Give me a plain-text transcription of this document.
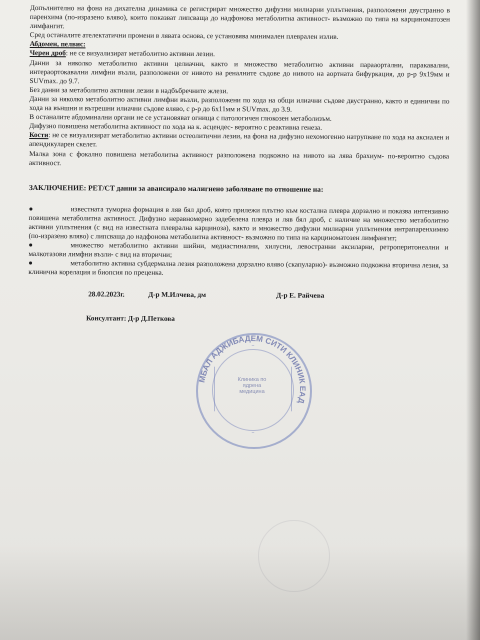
Допълнително на фона на дихателна динамика се регистрират множество дифузни милиарни уплътнения, разположени двустранно в паренхима (по-изразено вляво), които показват липсваща до надфонова метаболитна активност- възможно по типа на карциноматозен лимфангит.

Сред останалите ателектатични промени в лявата основа, се установява минимален плеврален излив.

Абдомен, пелвис:

Черен дроб: не се визуализират метаболитно активни лезии.

Данни за няколко метаболитно активни целиачни, както и множество метаболитно активни парааортални, паракавални, интераортокавални лимфни възли, разположени от нивото на реналните съдове до нивото на аортната бифуркация, до р-р 9x19мм и SUVmax. до 9.7.

Без данни за метаболитно активни лезии в надбъбречните жлези.

Данни за няколко метаболитно активни лимфни възли, разположени по хода на общи илиачни съдове двустранно, както и единични по хода на външни и вътрешни илиачни съдове вляво, с р-р до 6x11мм и SUVmax. до 3.9.

В останалите абдоминални органи не се установяват огнища с патологичен глюкозен метаболизъм.

Дифузно повишена метаболитна активност по хода на к. асцендес- вероятно с реактивна генеза.

Кости: не се визуализират метаболитно активни остеолитични лезии, на фона на дифузно нехомогенно натрупване по хода на аксиален и апендикуларен скелет.

Малка зона с фокално повишена метаболитна активност разположена подкожно на нивото на лява брахиум- по-вероятно съдова активност.

ЗАКЛЮЧЕНИЕ: PET/CT данни за авансирало малигнено заболяване по отношение на:

●	известната туморна формация в ляв бял дроб, която прилежи плътно към костална плевра дорзално и показва интензивно повишена метаболитна активност. Дифузно неравномерно задебелена плевра и ляв бял дроб, с наличие на множество метаболитно активни уплътнения (с вид на известната плеврална карциноза), както и множество дифузни милиарни уплътнения интрапаренхимно (по-изразено вляво) с липсваща до надфонова метаболитна активност- възможно по типа на карциноматозен лимфангит;

●	множество метаболитно активни шийни, медиастинални, хилусни, левостранни аксиларни, ретроперитонеални и малкотазови лимфни възли- с вид на вторични;

●	метаболитно активна субдермална лезия разположена дорзално вляво (скапуларно)- възможно подкожна вторична лезия, за клинична корелация и биопсия по преценка.

28.02.2023г.	Д-р М.Илчева, дм	Д-р Е. Райчева
Консултант: Д-р Д.Петкова
МБАЛ АДЖИБАДЕМ СИТИ КЛИНИК ЕАД
Клиника по ядрена медицина
